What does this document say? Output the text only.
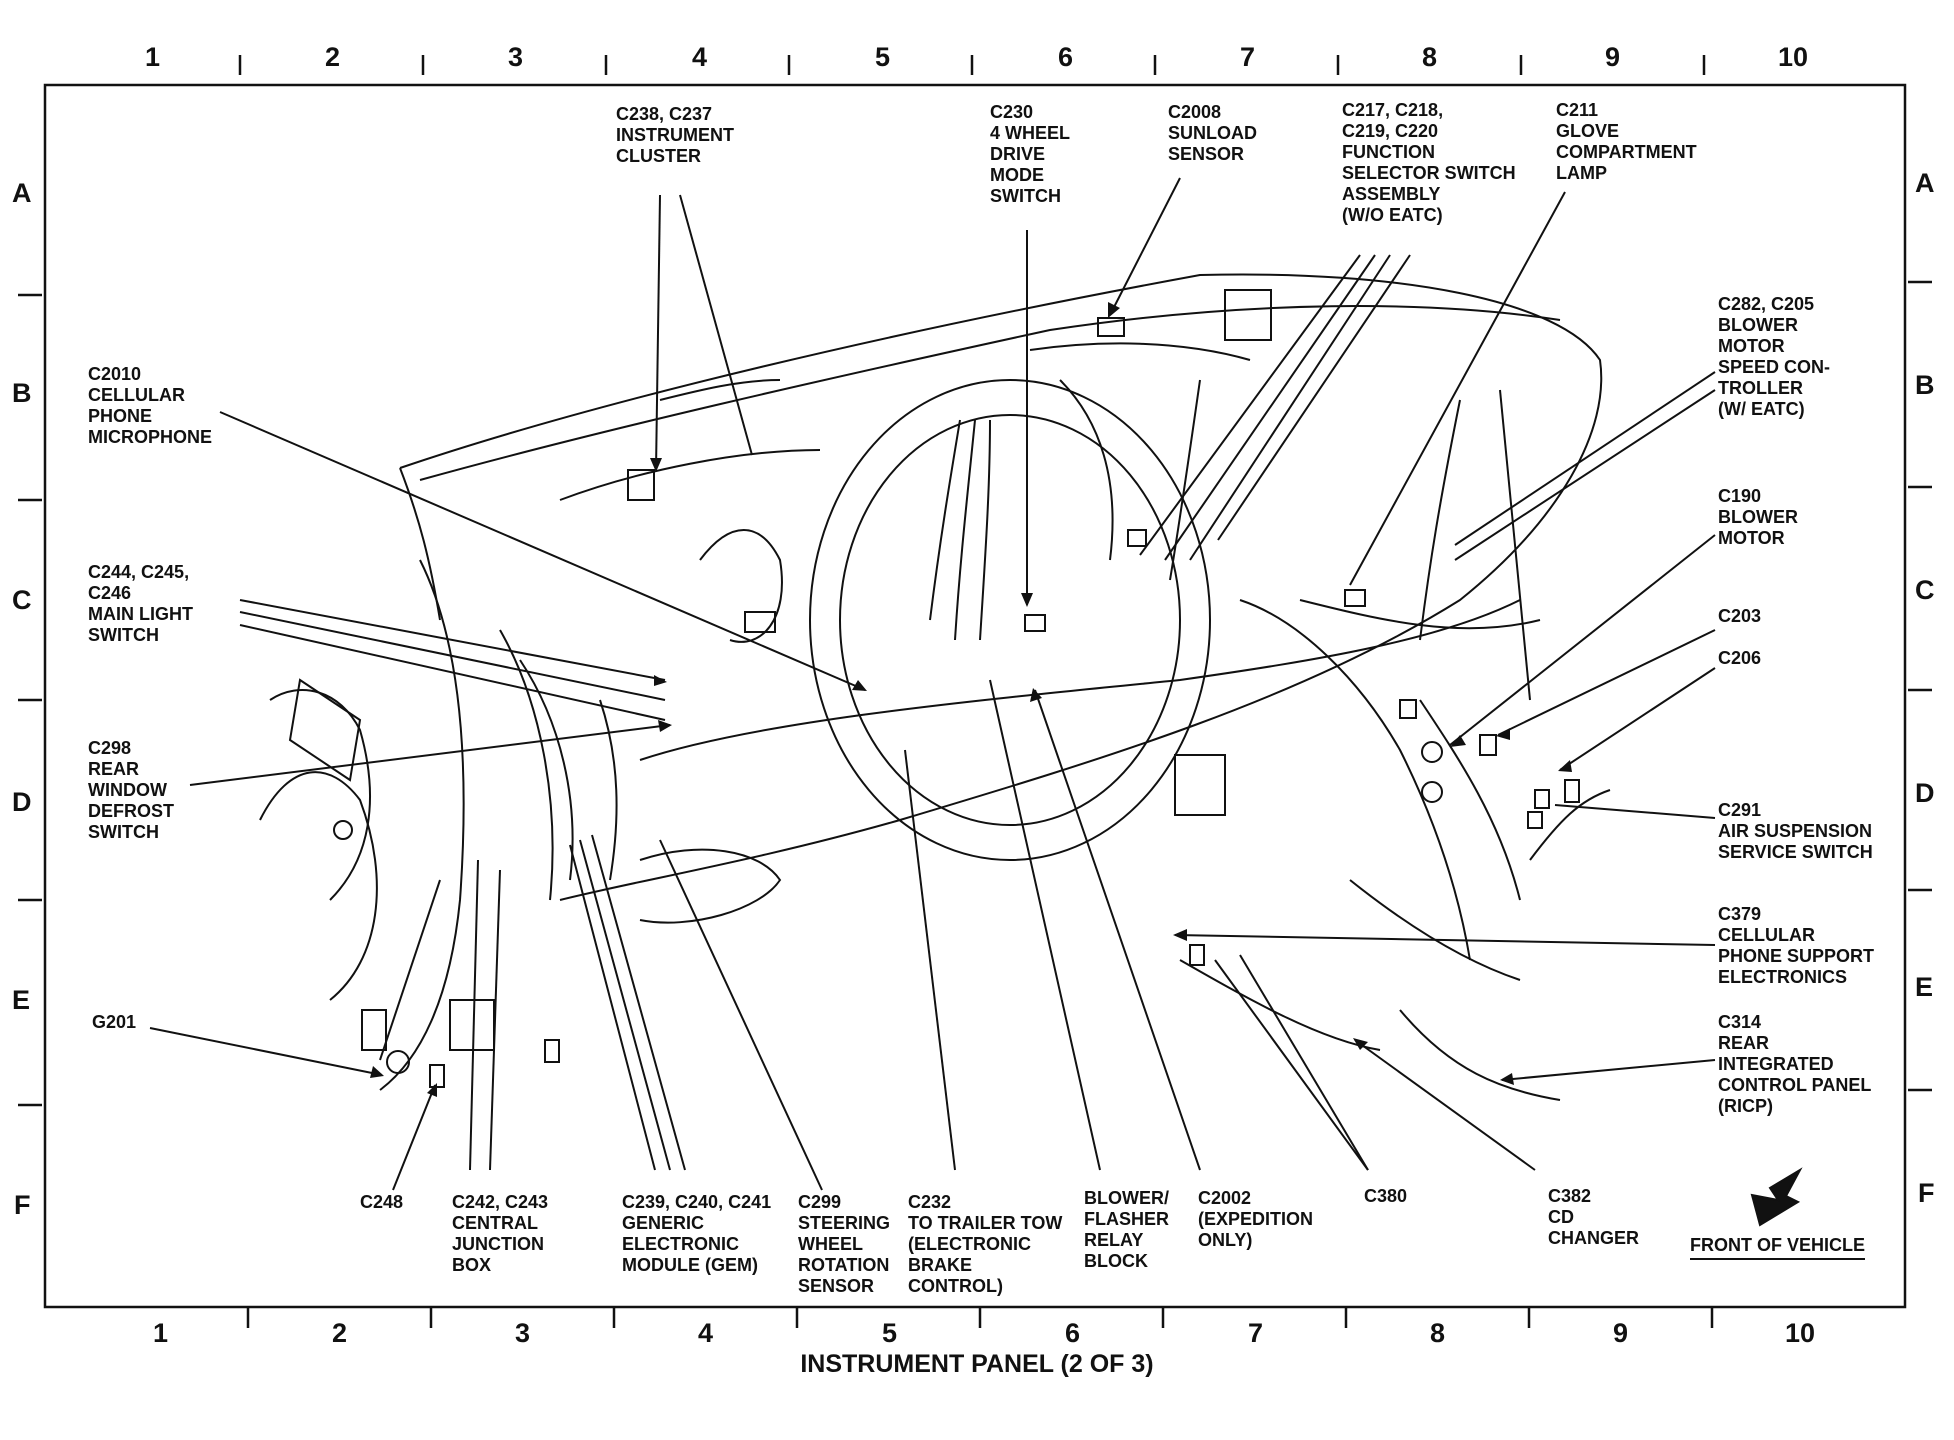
1	2	3	4	5	6	7	8	9	10
1	2	3	4	5	6	7	8	9	10
A
B
C
D
E
F
A
B
C
D
E
F
C238, C237
INSTRUMENT
CLUSTER
C230
4 WHEEL
DRIVE
MODE
SWITCH
C2008
SUNLOAD
SENSOR
C217, C218,
C219, C220
FUNCTION
SELECTOR SWITCH
ASSEMBLY
(W/O EATC)
C211
GLOVE
COMPARTMENT
LAMP
C2010
CELLULAR
PHONE
MICROPHONE
C282, C205
BLOWER
MOTOR
SPEED CON-
TROLLER
(W/ EATC)
C190
BLOWER
MOTOR
C244, C245,
C246
MAIN LIGHT
SWITCH
C203
C206
C298
REAR
WINDOW
DEFROST
SWITCH
C291
AIR SUSPENSION
SERVICE SWITCH
C379
CELLULAR
PHONE SUPPORT
ELECTRONICS
G201	C314
REAR
INTEGRATED
CONTROL PANEL
(RICP)
C248	C242, C243
CENTRAL
JUNCTION
BOX
C239, C240, C241
GENERIC
ELECTRONIC
MODULE (GEM)
C299
STEERING
WHEEL
ROTATION
SENSOR
C232
TO TRAILER TOW
(ELECTRONIC
BRAKE
CONTROL)
BLOWER/
FLASHER
RELAY
BLOCK
C2002
(EXPEDITION
ONLY)
C380	C382
CD
CHANGER	FRONT OF VEHICLE
INSTRUMENT PANEL (2 OF 3)
